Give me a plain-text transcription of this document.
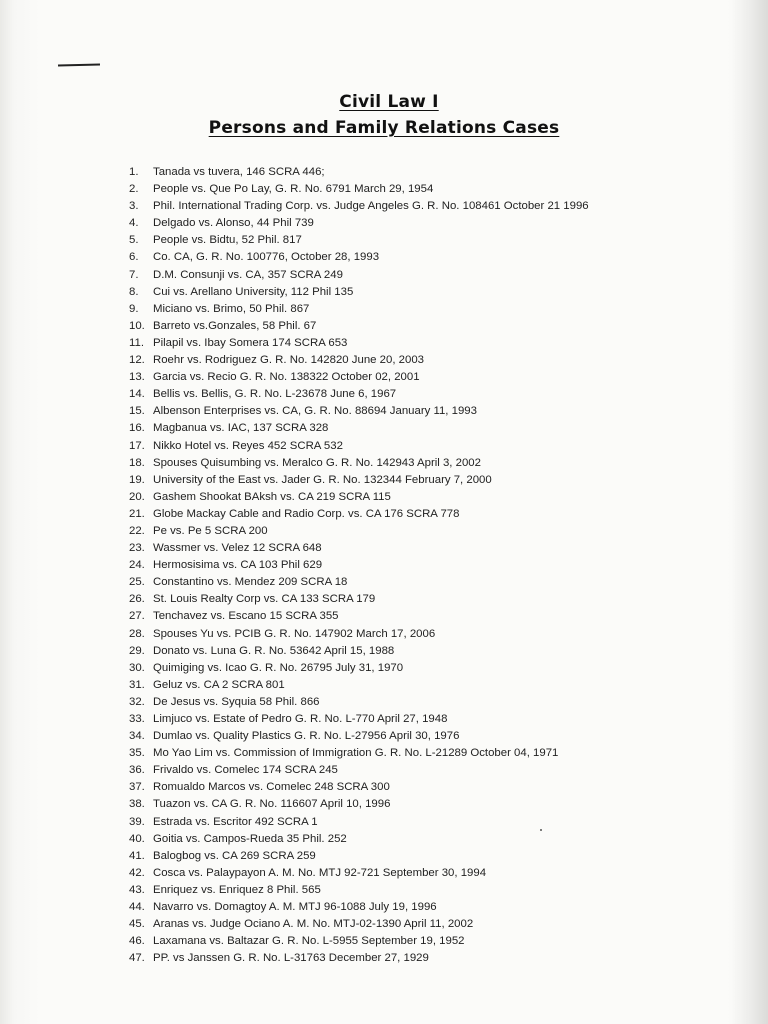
Civil Law I
Persons and Family Relations Cases
1.	Tanada vs tuvera, 146 SCRA 446;
2.	People vs. Que Po Lay, G. R. No. 6791 March 29, 1954
3.	Phil. International Trading Corp. vs. Judge Angeles G. R. No. 108461 October 21 1996
4.	Delgado vs. Alonso, 44 Phil 739
5.	People vs. Bidtu, 52 Phil. 817
6.	Co. CA, G. R. No. 100776, October 28, 1993
7.	D.M. Consunji vs. CA, 357 SCRA 249
8.	Cui vs. Arellano University, 112 Phil 135
9.	Miciano vs. Brimo, 50 Phil. 867
10. Barreto vs.Gonzales, 58 Phil. 67
11. Pilapil vs. Ibay Somera 174 SCRA 653
12. Roehr vs. Rodriguez G. R. No. 142820 June 20, 2003
13. Garcia vs. Recio G. R. No. 138322 October 02, 2001
14. Bellis vs. Bellis, G. R. No. L-23678 June 6, 1967
15. Albenson Enterprises vs. CA, G. R. No. 88694 January 11, 1993
16. Magbanua vs. IAC, 137 SCRA 328
17. Nikko Hotel vs. Reyes 452 SCRA 532
18. Spouses Quisumbing vs. Meralco G. R. No. 142943 April 3, 2002
19. University of the East vs. Jader G. R. No. 132344 February 7, 2000
20. Gashem Shookat BAksh vs. CA 219 SCRA 115
21. Globe Mackay Cable and Radio Corp. vs. CA 176 SCRA 778
22. Pe vs. Pe 5 SCRA 200
23. Wassmer vs. Velez 12 SCRA 648
24. Hermosisima vs. CA 103 Phil 629
25. Constantino vs. Mendez 209 SCRA 18
26. St. Louis Realty Corp vs. CA 133 SCRA 179
27. Tenchavez vs. Escano 15 SCRA 355
28. Spouses Yu vs. PCIB G. R. No. 147902 March 17, 2006
29. Donato vs. Luna G. R. No. 53642 April 15, 1988
30. Quimiging vs. Icao G. R. No. 26795 July 31, 1970
31. Geluz vs. CA 2 SCRA 801
32. De Jesus vs. Syquia 58 Phil. 866
33. Limjuco vs. Estate of Pedro G. R. No. L-770 April 27, 1948
34. Dumlao vs. Quality Plastics G. R. No. L-27956 April 30, 1976
35. Mo Yao Lim vs. Commission of Immigration G. R. No. L-21289 October 04, 1971
36. Frivaldo vs. Comelec 174 SCRA 245
37. Romualdo Marcos vs. Comelec 248 SCRA 300
38. Tuazon vs. CA G. R. No. 116607 April 10, 1996
39. Estrada vs. Escritor 492 SCRA 1
40. Goitia vs. Campos-Rueda 35 Phil. 252
41. Balogbog vs. CA 269 SCRA 259
42. Cosca vs. Palaypayon A. M. No. MTJ 92-721 September 30, 1994
43. Enriquez vs. Enriquez 8 Phil. 565
44. Navarro vs. Domagtoy A. M. MTJ 96-1088 July 19, 1996
45. Aranas vs. Judge Ociano A. M. No. MTJ-02-1390 April 11, 2002
46. Laxamana vs. Baltazar G. R. No. L-5955 September 19, 1952
47. PP. vs Janssen G. R. No. L-31763 December 27, 1929
